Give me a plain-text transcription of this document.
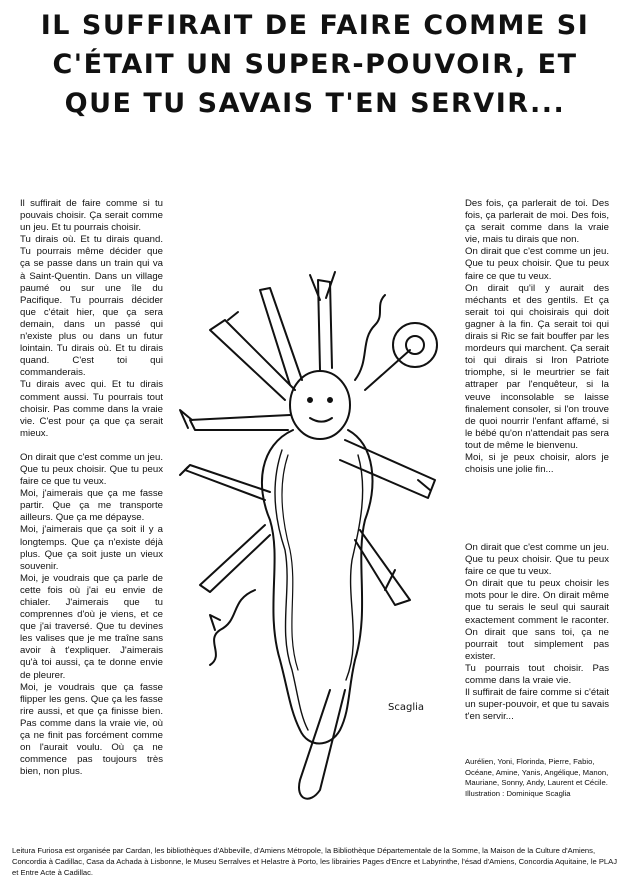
IL SUFFIRAIT DE FAIRE COMME SI
C'ÉTAIT UN SUPER-POUVOIR, ET
QUE TU SAVAIS T'EN SERVIR...

Il suffirait de faire comme si tu pouvais choisir. Ça serait comme un jeu. Et tu pourrais choisir.

Tu dirais où. Et tu dirais quand. Tu pourrais même décider que ça se passe dans un train qui va à Saint-Quentin. Dans un village paumé ou sur une île du Pacifique. Tu pourrais décider que c'était hier, que ça sera demain, dans un passé qui n'existe plus ou dans un futur lointain. Tu dirais où. Et tu dirais quand. C'est toi qui commanderais.

Tu dirais avec qui. Et tu dirais comment aussi. Tu pourrais tout choisir. Pas comme dans la vraie vie. C'est pour ça que ça serait mieux.

On dirait que c'est comme un jeu. Que tu peux choisir. Que tu peux faire ce que tu veux.

Moi, j'aimerais que ça me fasse partir. Que ça me transporte ailleurs. Que ça me dépayse.

Moi, j'aimerais que ça soit il y a longtemps. Que ça n'existe déjà plus. Que ça soit juste un vieux souvenir.

Moi, je voudrais que ça parle de cette fois où j'ai eu envie de chialer. J'aimerais que tu comprennes d'où je viens, et ce que j'ai traversé. Que tu devines les valises que je me traîne sans avoir à t'expliquer. J'aimerais qu'à toi aussi, ça te donne envie de pleurer.

Moi, je voudrais que ça fasse flipper les gens. Que ça les fasse rire aussi, et que ça finisse bien. Pas comme dans la vraie vie, où ça ne finit pas forcément comme on l'aurait voulu. Où ça ne commence pas toujours très bien, non plus.

Des fois, ça parlerait de toi. Des fois, ça parlerait de moi. Des fois, ça serait comme dans la vraie vie, mais tu dirais que non.

On dirait que c'est comme un jeu. Que tu peux choisir. Que tu peux faire ce que tu veux.

On dirait qu'il y aurait des méchants et des gentils. Et ça serait toi qui choisirais qui doit gagner à la fin. Ça serait toi qui dirais si Ric se fait bouffer par les mordeurs qui marchent. Ça serait toi qui dirais si Iron Patriote triomphe, si le meurtrier se fait attraper par l'enquêteur, si la veuve inconsolable se laisse finalement consoler, si l'on trouve de quoi nourrir l'enfant affamé, si le bébé qu'on n'attendait pas sera tout de même le bienvenu.

Moi, si je peux choisir, alors je choisis une jolie fin...

On dirait que c'est comme un jeu. Que tu peux choisir. Que tu peux faire ce que tu veux.

On dirait que tu peux choisir les mots pour le dire. On dirait même que tu serais le seul qui saurait exactement comment le raconter. On dirait que sans toi, ça ne pourrait tout simplement pas exister.

Tu pourrais tout choisir. Pas comme dans la vraie vie.

Il suffirait de faire comme si c'était un super-pouvoir, et que tu savais t'en servir...

Aurélien, Yoni, Florinda, Pierre, Fabio, Océane, Amine, Yanis, Angélique, Manon, Mauriane, Sonny, Andy, Laurent et Cécile. Illustration : Dominique Scaglia
Scaglia
Leitura Furiosa est organisée par Cardan, les bibliothèques d'Abbeville, d'Amiens Métropole, la Bibliothèque Départementale de la Somme, la Maison de la Culture d'Amiens, Concordia à Cadillac, Casa da Achada à Lisbonne, le Museu Serralves et Helastre à Porto, les librairies Pages d'Encre et Labyrinthe, l'ésad d'Amiens, Concordia Aquitaine, le PLAJ et Entre Acte à Cadillac.
